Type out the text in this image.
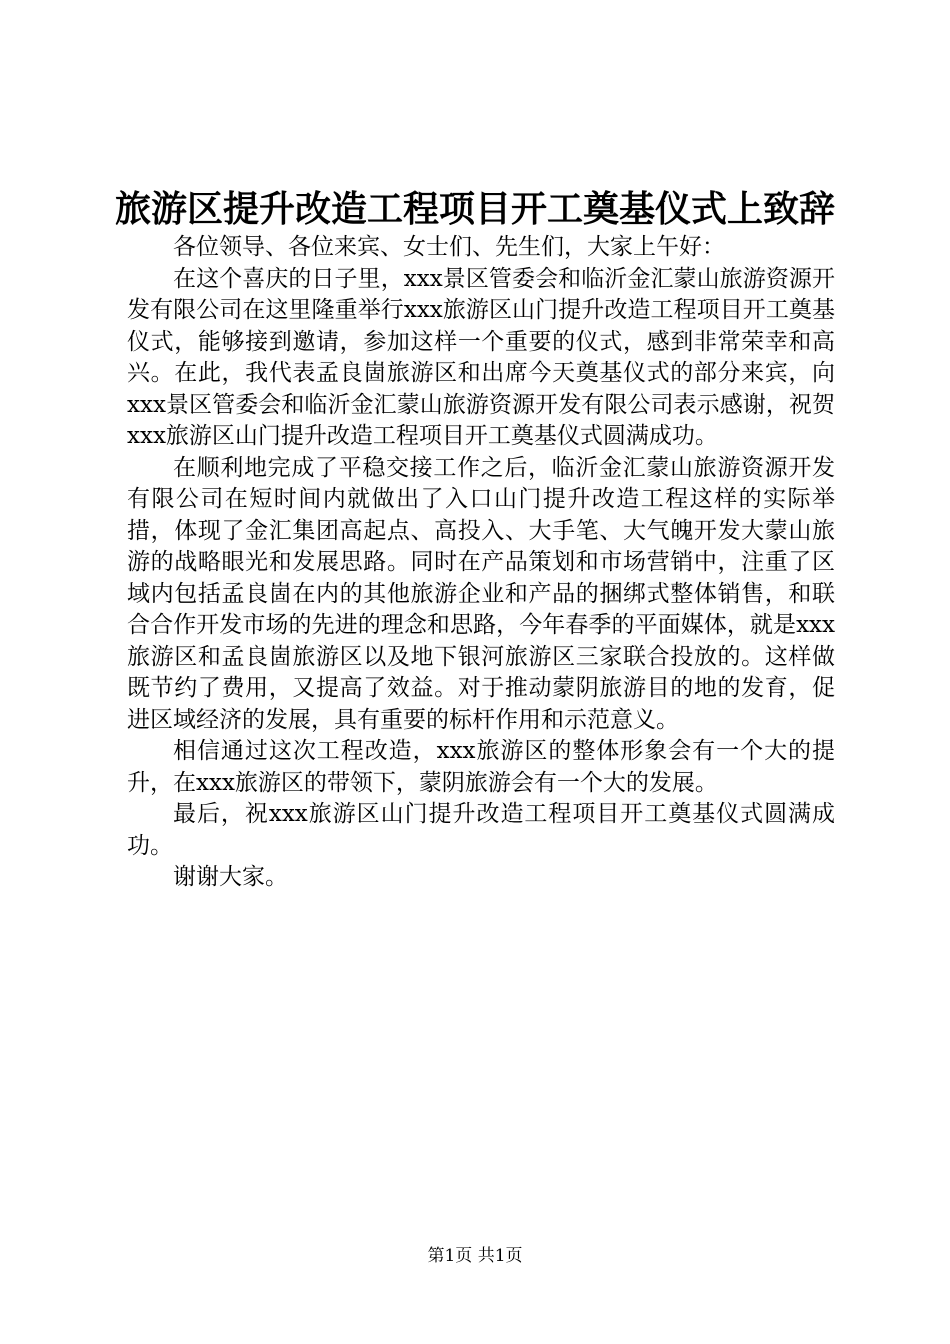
旅游区提升改造工程项目开工奠基仪式上致辞

各位领导、各位来宾、女士们、先生们，大家上午好：

在这个喜庆的日子里，xxx景区管委会和临沂金汇蒙山旅游资源开发有限公司在这里隆重举行xxx旅游区山门提升改造工程项目开工奠基仪式，能够接到邀请，参加这样一个重要的仪式，感到非常荣幸和高兴。在此，我代表孟良崮旅游区和出席今天奠基仪式的部分来宾，向xxx景区管委会和临沂金汇蒙山旅游资源开发有限公司表示感谢，祝贺xxx旅游区山门提升改造工程项目开工奠基仪式圆满成功。

在顺利地完成了平稳交接工作之后，临沂金汇蒙山旅游资源开发有限公司在短时间内就做出了入口山门提升改造工程这样的实际举措，体现了金汇集团高起点、高投入、大手笔、大气魄开发大蒙山旅游的战略眼光和发展思路。同时在产品策划和市场营销中，注重了区域内包括孟良崮在内的其他旅游企业和产品的捆绑式整体销售，和联合合作开发市场的先进的理念和思路，今年春季的平面媒体，就是xxx旅游区和孟良崮旅游区以及地下银河旅游区三家联合投放的。这样做既节约了费用，又提高了效益。对于推动蒙阴旅游目的地的发育，促进区域经济的发展，具有重要的标杆作用和示范意义。

相信通过这次工程改造，xxx旅游区的整体形象会有一个大的提升，在xxx旅游区的带领下，蒙阴旅游会有一个大的发展。

最后，祝xxx旅游区山门提升改造工程项目开工奠基仪式圆满成功。

谢谢大家。

第1页 共1页
